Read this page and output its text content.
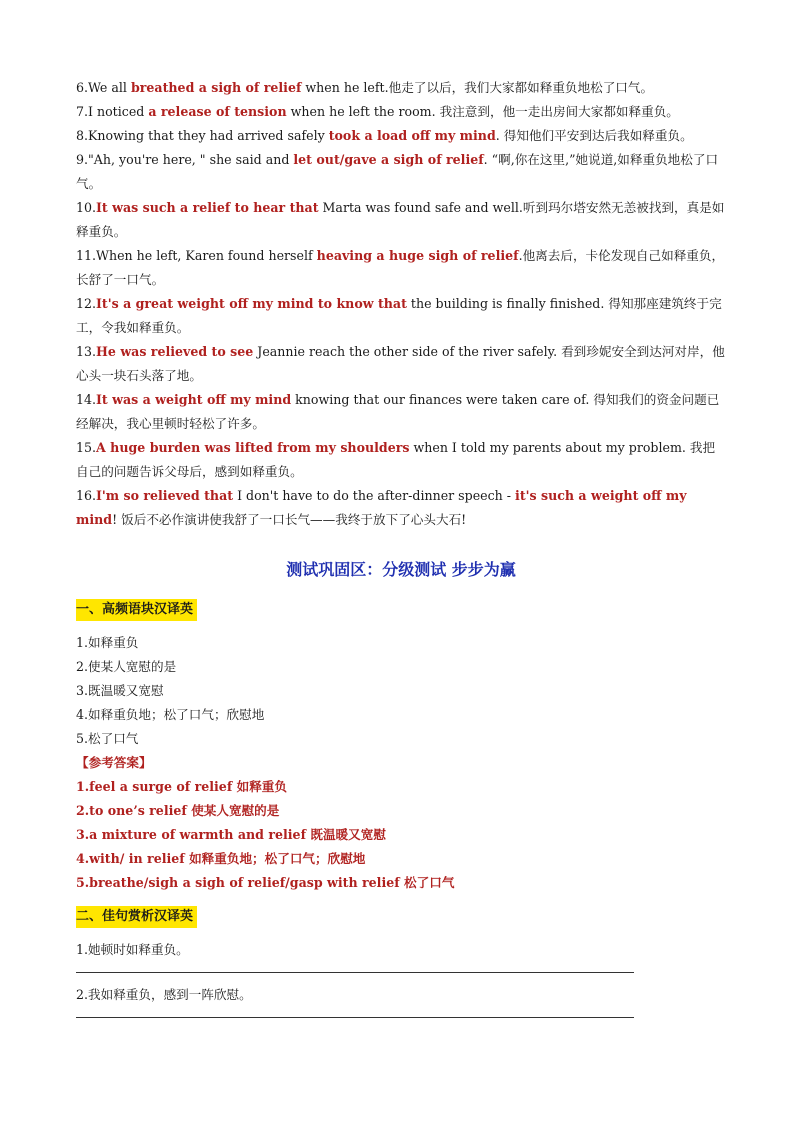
6.We all breathed a sigh of relief when he left.他走了以后，我们大家都如释重负地松了口气。

7.I noticed a release of tension when he left the room. 我注意到，他一走出房间大家都如释重负。

8.Knowing that they had arrived safely took a load off my mind. 得知他们平安到达后我如释重负。

9."Ah, you're here, " she said and let out/gave a sigh of relief. “啊,你在这里,”她说道,如释重负地松了口气。

10.It was such a relief to hear that Marta was found safe and well.听到玛尔塔安然无恙被找到，真是如释重负。

11.When he left, Karen found herself heaving a huge sigh of relief.他离去后，卡伦发现自己如释重负，长舒了一口气。

12.It's a great weight off my mind to know that the building is finally finished. 得知那座建筑终于完工，令我如释重负。

13.He was relieved to see Jeannie reach the other side of the river safely. 看到珍妮安全到达河对岸，他心头一块石头落了地。

14.It was a weight off my mind knowing that our finances were taken care of. 得知我们的资金问题已经解决，我心里顿时轻松了许多。

15.A huge burden was lifted from my shoulders when I told my parents about my problem. 我把自己的问题告诉父母后，感到如释重负。

16.I'm so relieved that I don't have to do the after-dinner speech - it's such a weight off my mind! 饭后不必作演讲使我舒了一口长气——我终于放下了心头大石!

测试巩固区：分级测试 步步为赢
一、高频语块汉译英

1.如释重负

2.使某人宽慰的是

3.既温暖又宽慰

4.如释重负地；松了口气；欣慰地

5.松了口气

【参考答案】

1.feel a surge of relief 如释重负

2.to one’s relief 使某人宽慰的是

3.a mixture of warmth and relief 既温暖又宽慰

4.with/ in relief 如释重负地；松了口气；欣慰地

5.breathe/sigh a sigh of relief/gasp with relief 松了口气

二、佳句赏析汉译英

1.她顿时如释重负。

2.我如释重负，感到一阵欣慰。
